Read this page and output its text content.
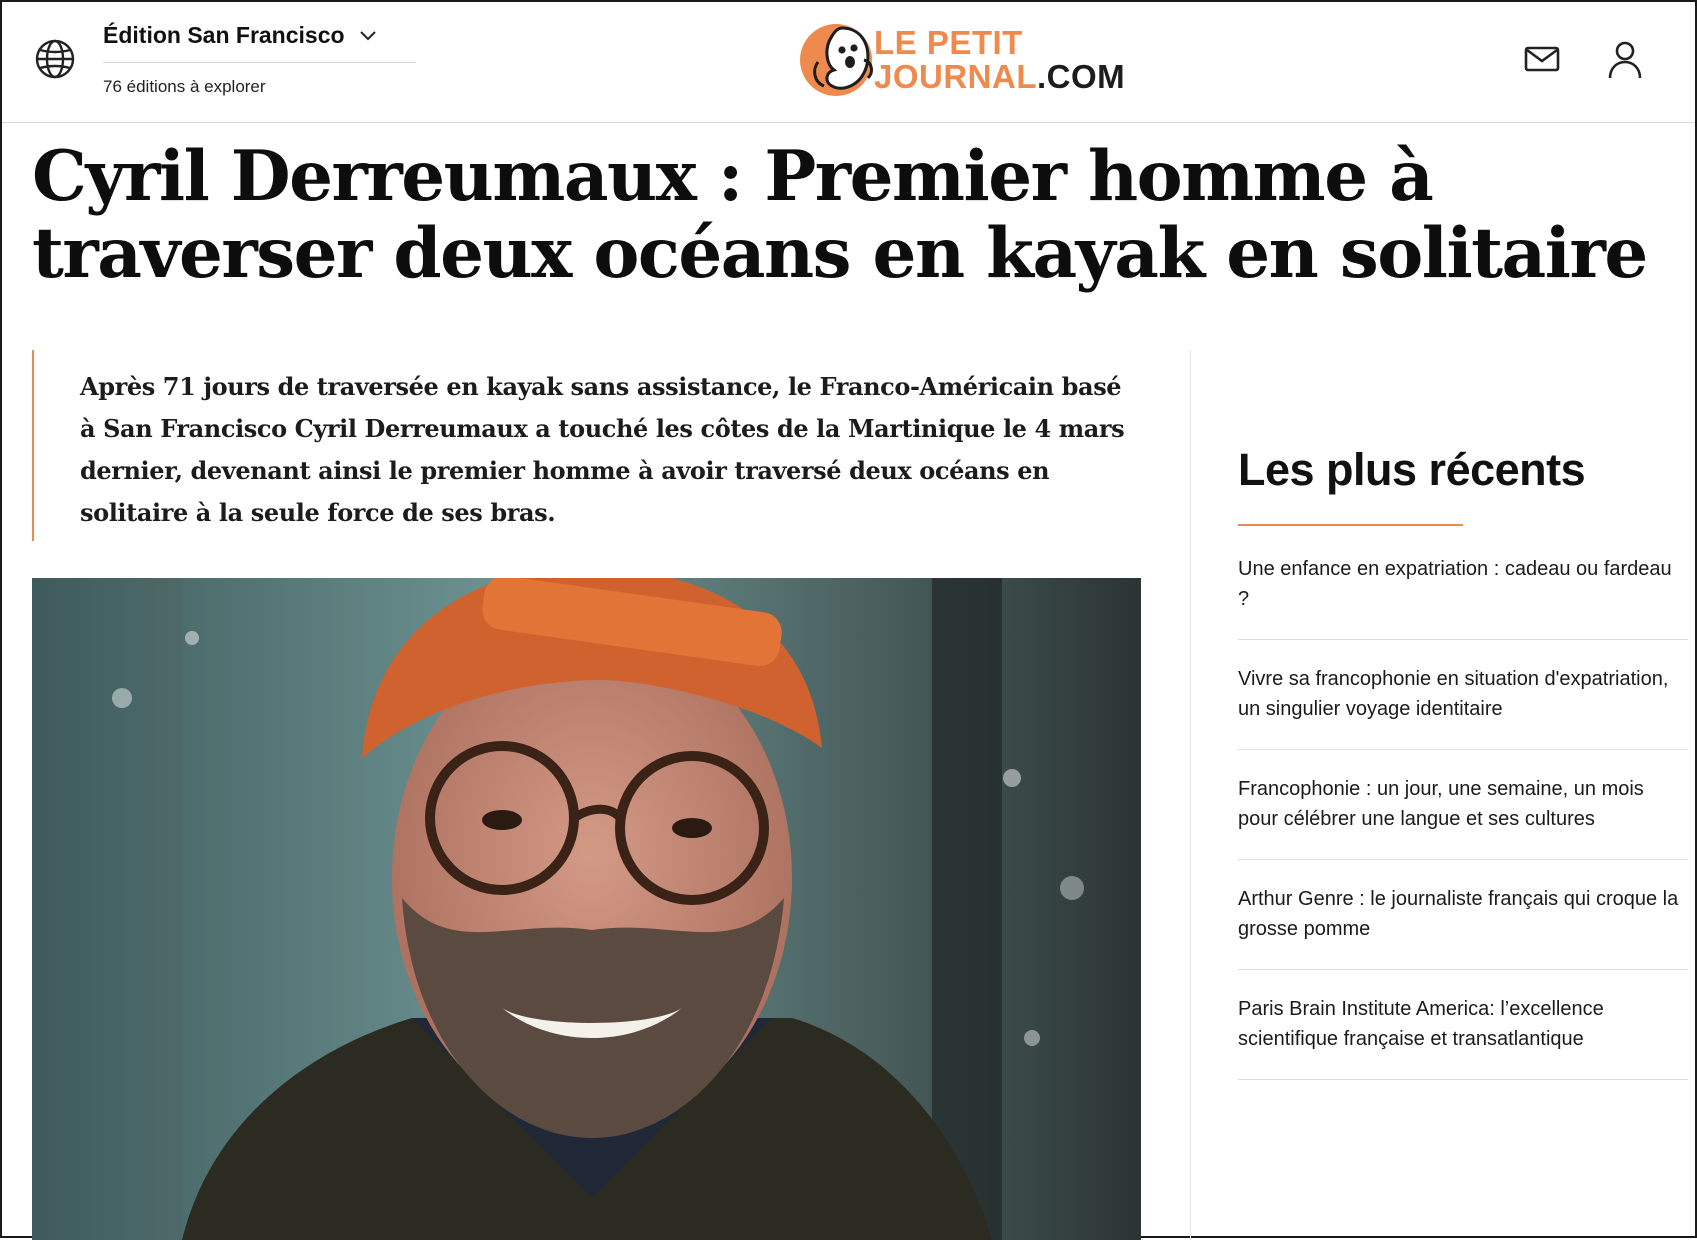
Édition San Francisco
76 éditions à explorer
LE PETIT
JOURNAL.COM
Cyril Derreumaux : Premier homme à traverser deux océans en kayak en solitaire

Après 71 jours de traversée en kayak sans assistance, le Franco-Américain basé à San Francisco Cyril Derreumaux a touché les côtes de la Martinique le 4 mars dernier, devenant ainsi le premier homme à avoir traversé deux océans en solitaire à la seule force de ses bras.

Les plus récents
Une enfance en expatriation : cadeau ou fardeau ?
Vivre sa francophonie en situation d'expatriation, un singulier voyage identitaire
Francophonie : un jour, une semaine, un mois pour célébrer une langue et ses cultures
Arthur Genre : le journaliste français qui croque la grosse pomme
Paris Brain Institute America: l’excellence scientifique française et transatlantique
